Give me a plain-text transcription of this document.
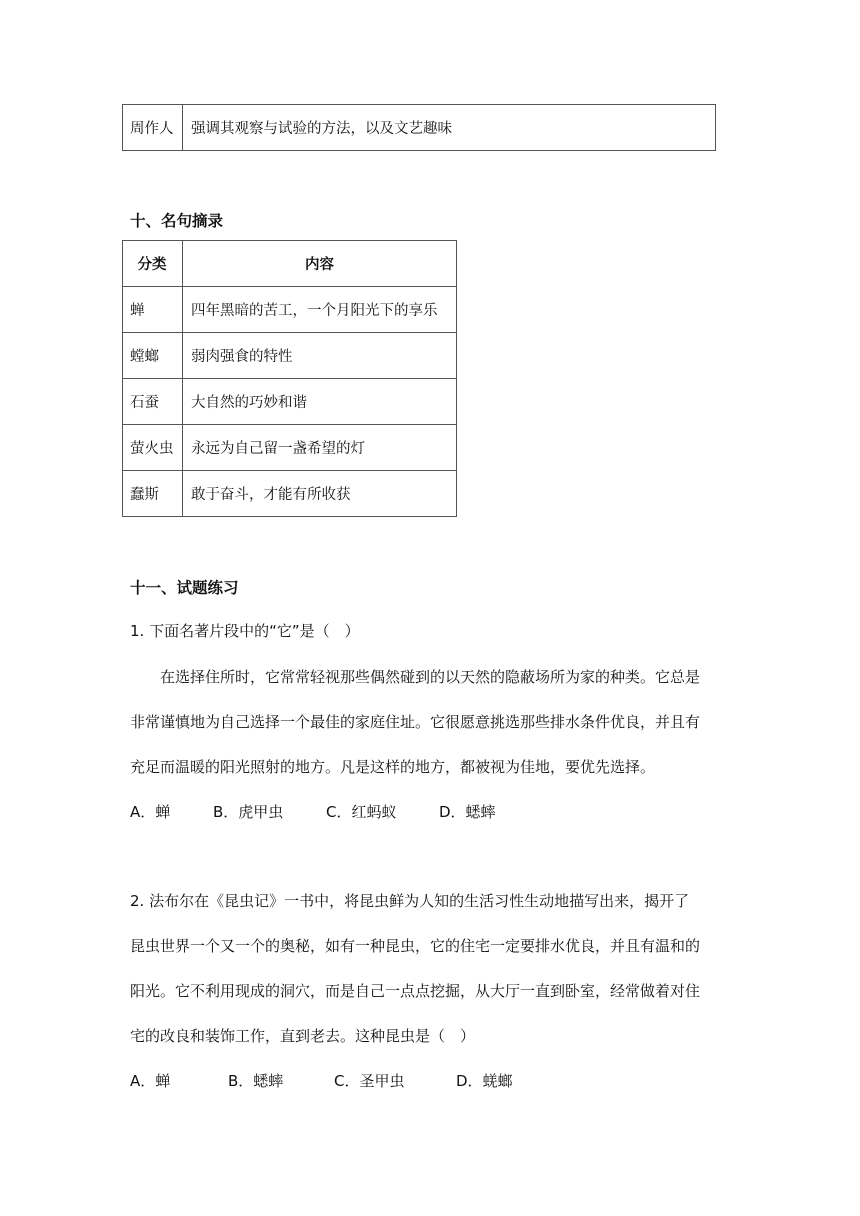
周作人	强调其观察与试验的方法，以及文艺趣味
十、名句摘录
分类	内容
蝉	四年黑暗的苦工，一个月阳光下的享乐
螳螂	弱肉强食的特性
石蚕	大自然的巧妙和谐
萤火虫	永远为自己留一盏希望的灯
蠢斯	敢于奋斗，才能有所收获
十一、试题练习
1. 下面名著片段中的“它”是（　）
　　在选择住所时，它常常轻视那些偶然碰到的以天然的隐蔽场所为家的种类。它总是
非常谨慎地为自己选择一个最佳的家庭住址。它很愿意挑选那些排水条件优良，并且有
充足而温暖的阳光照射的地方。凡是这样的地方，都被视为佳地，要优先选择。
A．蝉	B．虎甲虫	C．红蚂蚁	D．蟋蟀
2. 法布尔在《昆虫记》一书中，将昆虫鲜为人知的生活习性生动地描写出来，揭开了
昆虫世界一个又一个的奥秘，如有一种昆虫，它的住宅一定要排水优良，并且有温和的
阳光。它不利用现成的洞穴，而是自己一点点挖掘，从大厅一直到卧室，经常做着对住
宅的改良和装饰工作，直到老去。这种昆虫是（　）
A．蝉	B．蟋蟀	C．圣甲虫	D．蜣螂
